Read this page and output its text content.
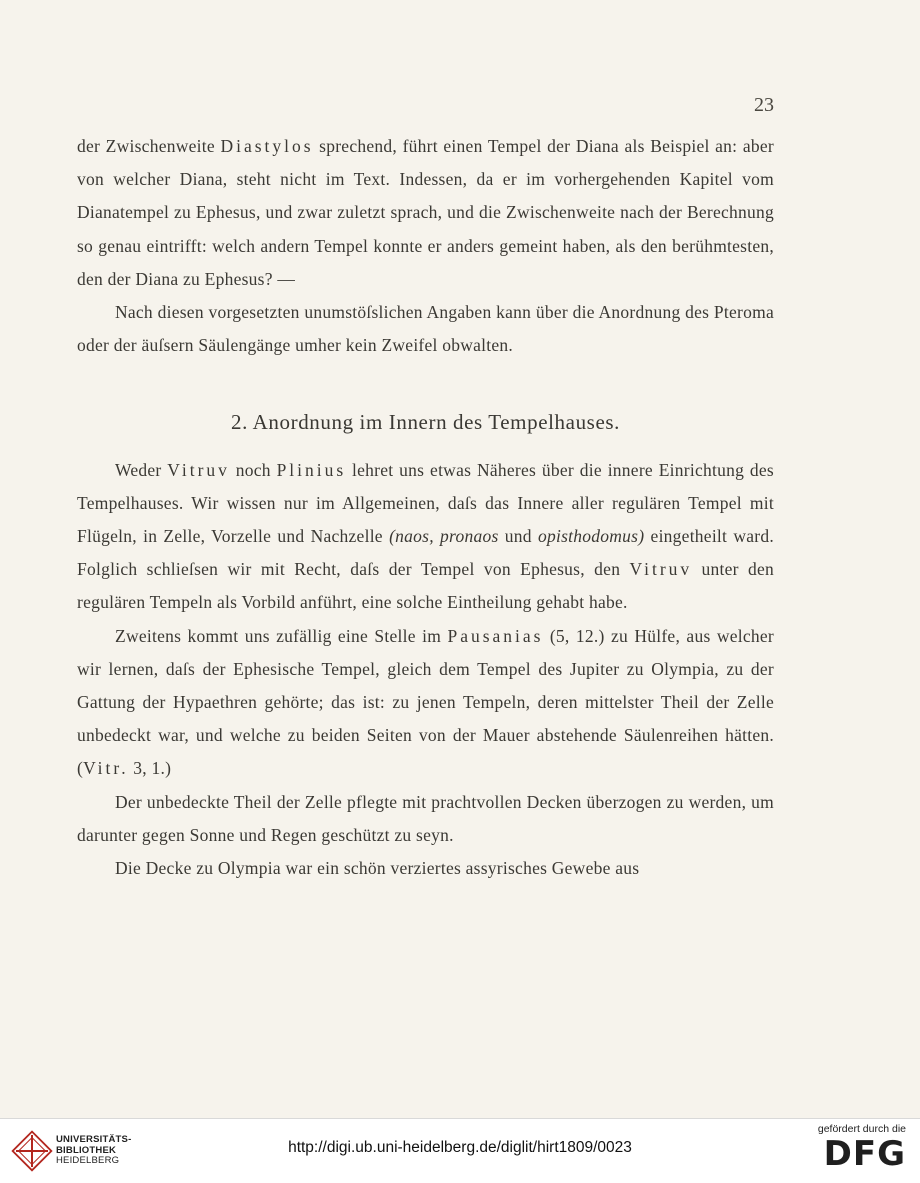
23

der Zwischenweite Diastylos sprechend, führt einen Tempel der Diana als Beispiel an: aber von welcher Diana, steht nicht im Text. Indessen, da er im vorhergehenden Kapitel vom Dianatempel zu Ephesus, und zwar zuletzt sprach, und die Zwischenweite nach der Berechnung so genau eintrifft: welch andern Tempel konnte er anders gemeint haben, als den berühmtesten, den der Diana zu Ephesus? —

Nach diesen vorgesetzten unumstöſslichen Angaben kann über die Anordnung des Pteroma oder der äuſsern Säulengänge umher kein Zweifel obwalten.

2. Anordnung im Innern des Tempelhauses.

Weder Vitruv noch Plinius lehret uns etwas Näheres über die innere Einrichtung des Tempelhauses. Wir wissen nur im Allgemeinen, daſs das Innere aller regulären Tempel mit Flügeln, in Zelle, Vorzelle und Nachzelle (naos, pronaos und opisthodomus) eingetheilt ward. Folglich schlieſsen wir mit Recht, daſs der Tempel von Ephesus, den Vitruv unter den regulären Tempeln als Vorbild anführt, eine solche Eintheilung gehabt habe.

Zweitens kommt uns zufällig eine Stelle im Pausanias (5, 12.) zu Hülfe, aus welcher wir lernen, daſs der Ephesische Tempel, gleich dem Tempel des Jupiter zu Olympia, zu der Gattung der Hypaethren gehörte; das ist: zu jenen Tempeln, deren mittelster Theil der Zelle unbedeckt war, und welche zu beiden Seiten von der Mauer abstehende Säulenreihen hätten. (Vitr. 3, 1.)

Der unbedeckte Theil der Zelle pflegte mit prachtvollen Decken überzogen zu werden, um darunter gegen Sonne und Regen geschützt zu seyn.

Die Decke zu Olympia war ein schön verziertes assyrisches Gewebe aus

UNIVERSITÄTS-
BIBLIOTHEK
HEIDELBERG
http://digi.ub.uni-heidelberg.de/diglit/hirt1809/0023
gefördert durch die
DFG
